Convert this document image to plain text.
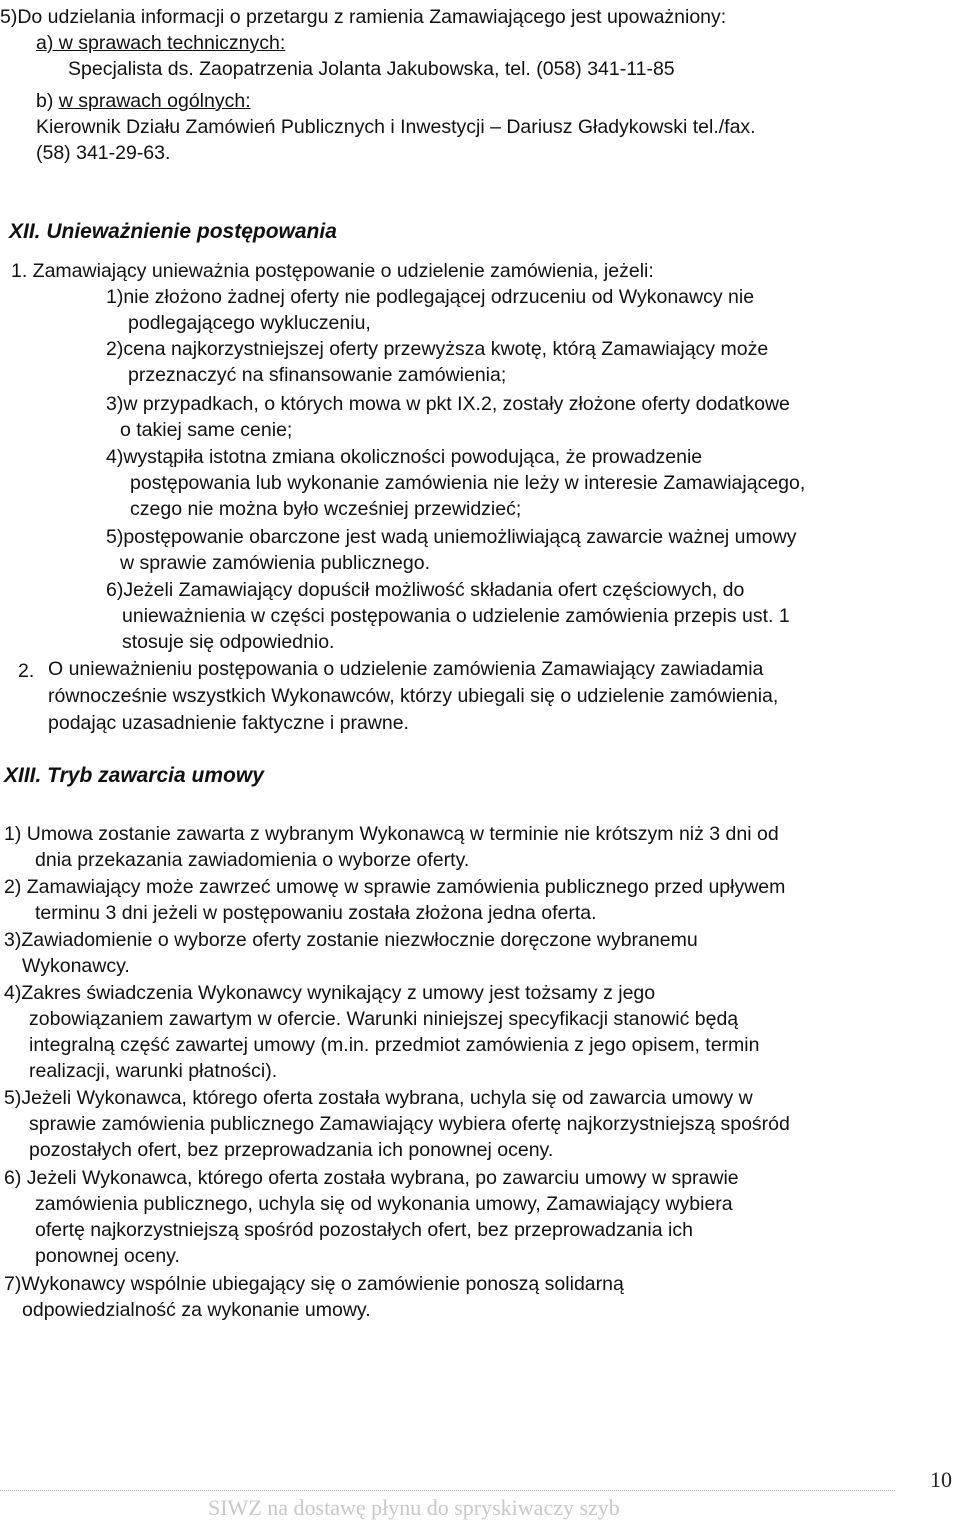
5)Do udzielania informacji o przetargu z ramienia Zamawiającego jest upoważniony:
a) w sprawach technicznych:
Specjalista ds. Zaopatrzenia Jolanta Jakubowska, tel. (058) 341-11-85
b) w sprawach ogólnych:
Kierownik Działu Zamówień Publicznych i Inwestycji – Dariusz Gładykowski tel./fax.
(58) 341-29-63.
XII. Unieważnienie postępowania
1. Zamawiający unieważnia postępowanie o udzielenie zamówienia, jeżeli:
1)nie złożono żadnej oferty nie podlegającej odrzuceniu od Wykonawcy nie
podlegającego wykluczeniu,
2)cena najkorzystniejszej oferty przewyższa kwotę, którą Zamawiający może
przeznaczyć na sfinansowanie zamówienia;
3)w przypadkach, o których mowa w pkt IX.2, zostały złożone oferty dodatkowe
o takiej same cenie;
4)wystąpiła istotna zmiana okoliczności powodująca, że prowadzenie
postępowania lub wykonanie zamówienia nie leży w interesie Zamawiającego,
czego nie można było wcześniej przewidzieć;
5)postępowanie obarczone jest wadą uniemożliwiającą zawarcie ważnej umowy
w sprawie zamówienia publicznego.
6)Jeżeli Zamawiający dopuścił możliwość składania ofert częściowych, do
unieważnienia w części postępowania o udzielenie zamówienia przepis ust. 1
stosuje się odpowiednio.
2. O unieważnieniu postępowania o udzielenie zamówienia Zamawiający zawiadamia
równocześnie wszystkich Wykonawców, którzy ubiegali się o udzielenie zamówienia,
podając uzasadnienie faktyczne i prawne.
XIII. Tryb zawarcia umowy
1) Umowa zostanie zawarta z wybranym Wykonawcą w terminie nie krótszym niż 3 dni od
dnia przekazania zawiadomienia o wyborze oferty.
2) Zamawiający może zawrzeć umowę w sprawie zamówienia publicznego przed upływem
terminu 3 dni jeżeli w postępowaniu została złożona jedna oferta.
3)Zawiadomienie o wyborze oferty zostanie niezwłocznie doręczone wybranemu
Wykonawcy.
4)Zakres świadczenia Wykonawcy wynikający z umowy jest tożsamy z jego
zobowiązaniem zawartym w ofercie. Warunki niniejszej specyfikacji stanowić będą
integralną część zawartej umowy (m.in. przedmiot zamówienia z jego opisem, termin
realizacji, warunki płatności).
5)Jeżeli Wykonawca, którego oferta została wybrana, uchyla się od zawarcia umowy w
sprawie zamówienia publicznego Zamawiający wybiera ofertę najkorzystniejszą spośród
pozostałych ofert, bez przeprowadzania ich ponownej oceny.
6) Jeżeli Wykonawca, którego oferta została wybrana, po zawarciu umowy w sprawie
zamówienia publicznego, uchyla się od wykonania umowy, Zamawiający wybiera
ofertę najkorzystniejszą spośród pozostałych ofert, bez przeprowadzania ich
ponownej oceny.
7)Wykonawcy wspólnie ubiegający się o zamówienie ponoszą solidarną
odpowiedzialność za wykonanie umowy.
10
SIWZ na dostawę płynu do spryskiwaczy szyb
